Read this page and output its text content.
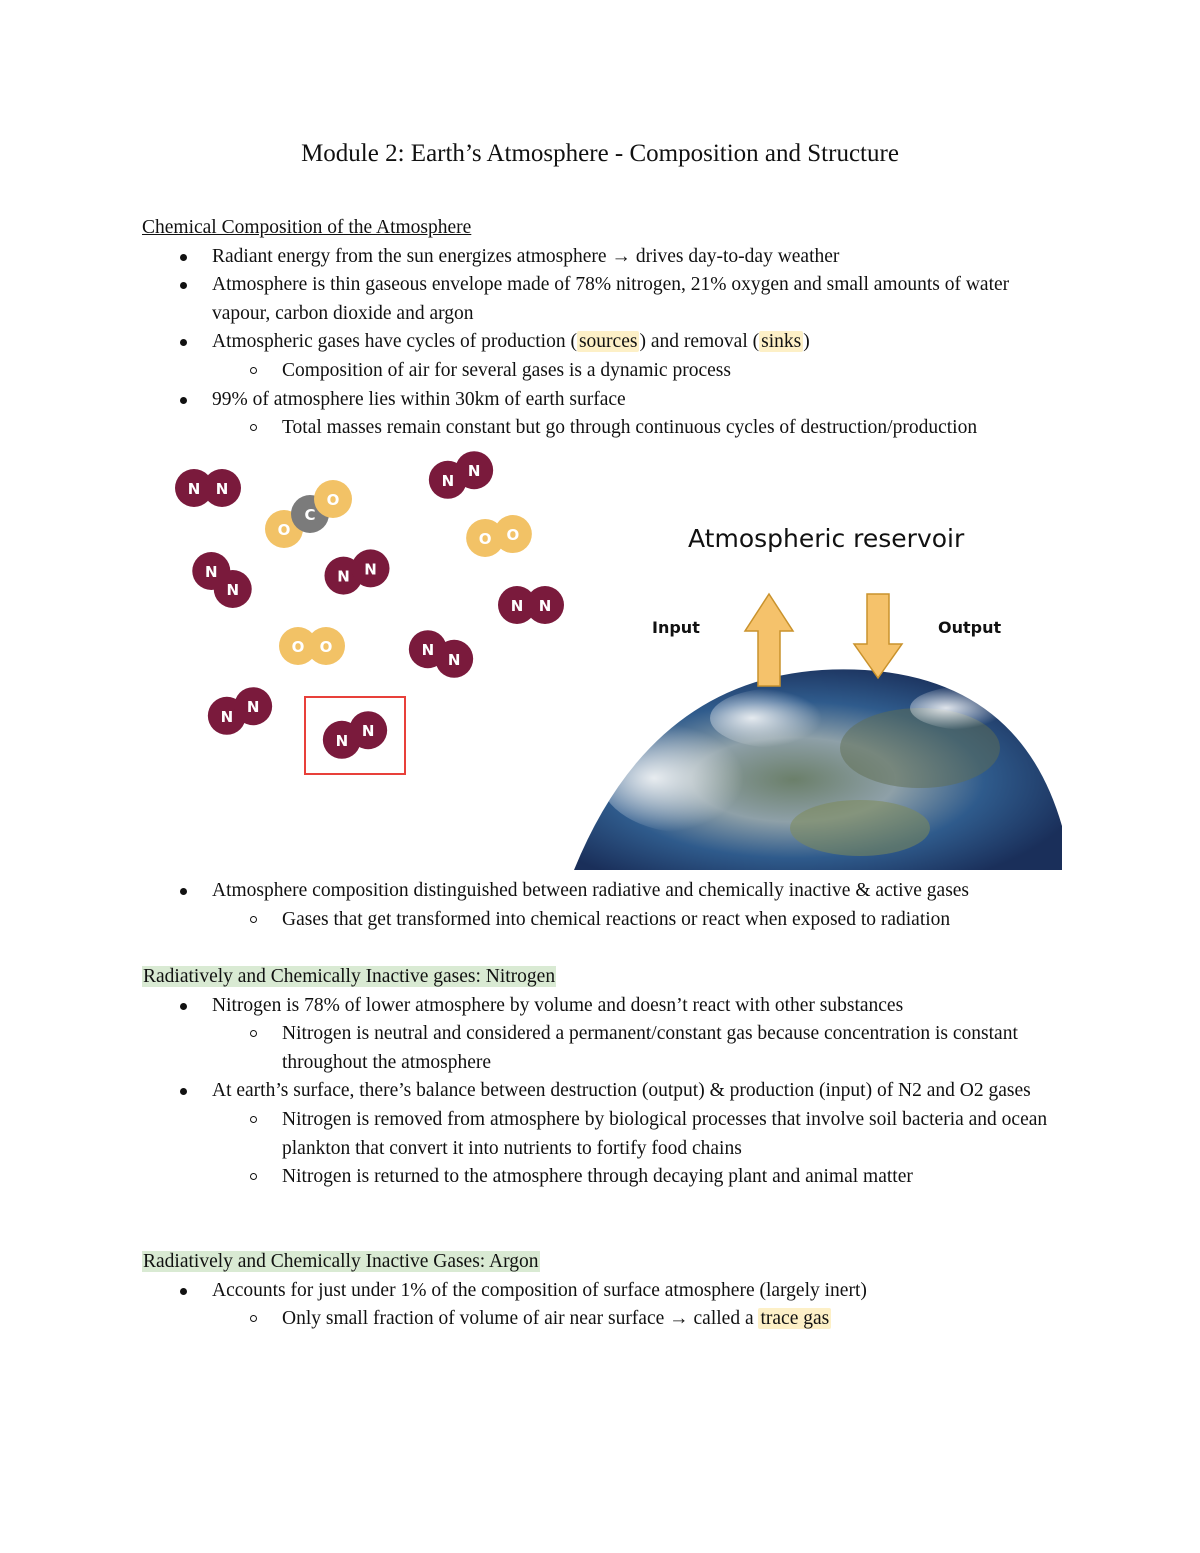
Module 2: Earth’s Atmosphere - Composition and Structure
Chemical Composition of the Atmosphere
Radiant energy from the sun energizes atmosphere → drives day-to-day weather
Atmosphere is thin gaseous envelope made of 78% nitrogen, 21% oxygen and small amounts of water vapour, carbon dioxide and argon
Atmospheric gases have cycles of production ( sources ) and removal ( sinks )
Composition of air for several gases is a dynamic process
99% of atmosphere lies within 30km of earth surface
Total masses remain constant but go through continuous cycles of destruction/production
Atmospheric reservoir
Input	Output
N N	N
N
N
N
N N
N N
N
N
N
N
N
N
O O
O O
O
C
O
Atmosphere composition distinguished between radiative and chemically inactive & active gases
Gases that get transformed into chemical reactions or react when exposed to radiation
Radiatively and Chemically Inactive gases: Nitrogen
Nitrogen is 78% of lower atmosphere by volume and doesn’t react with other substances
Nitrogen is neutral and considered a permanent/constant gas because concentration is constant throughout the atmosphere
At earth’s surface, there’s balance between destruction (output) & production (input) of N2 and O2 gases
Nitrogen is removed from atmosphere by biological processes that involve soil bacteria and ocean plankton that convert it into nutrients to fortify food chains
Nitrogen is returned to the atmosphere through decaying plant and animal matter
Radiatively and Chemically Inactive Gases: Argon
Accounts for just under 1% of the composition of surface atmosphere (largely inert)
Only small fraction of volume of air near surface → called a trace gas
